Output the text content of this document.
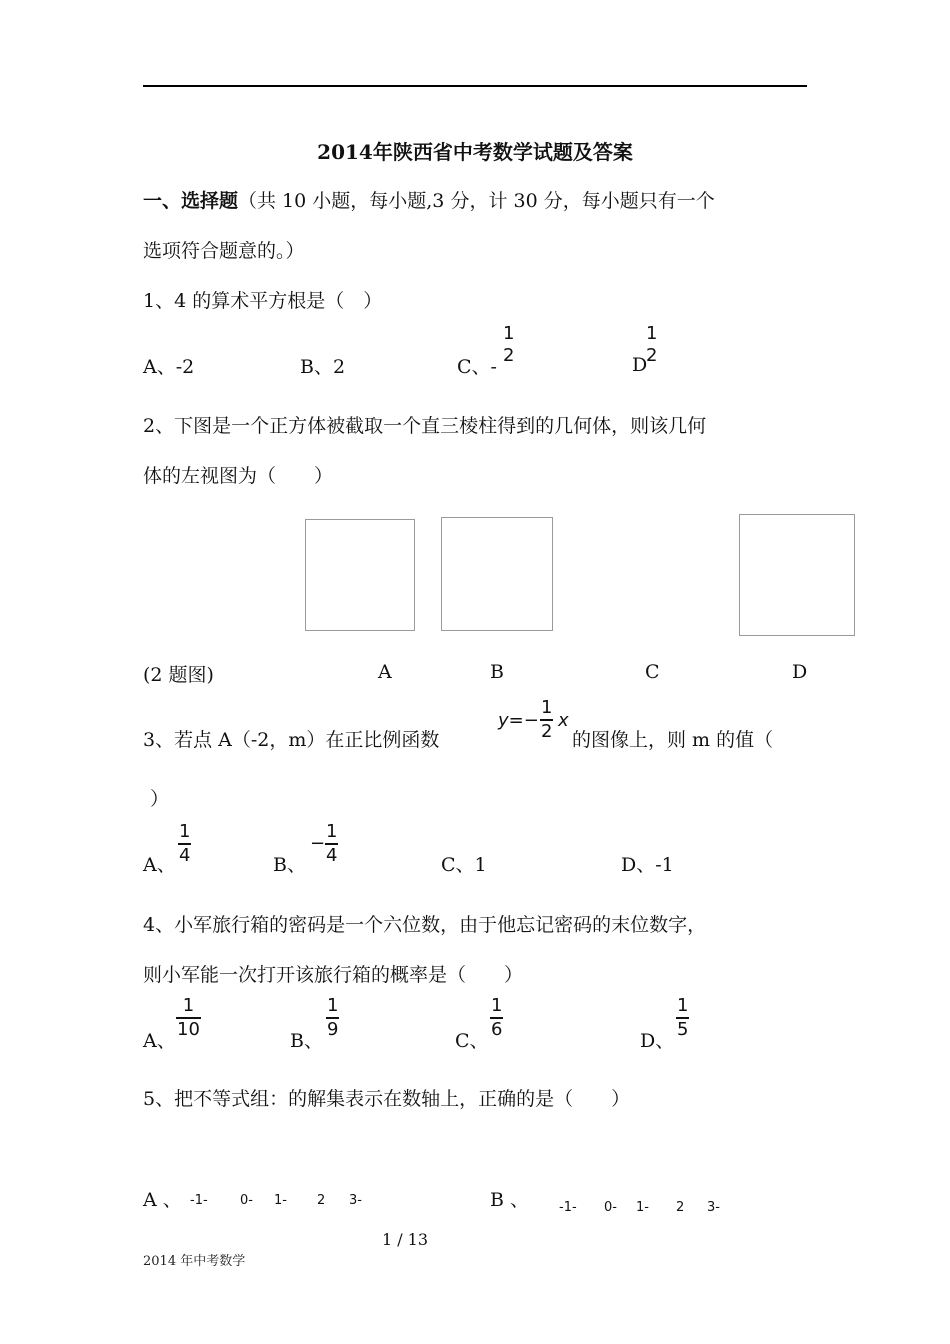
2014年陕西省中考数学试题及答案
一、选择题（共 10 小题，每小题,3 分，计 30 分，每小题只有一个
选项符合题意的。）
1、4 的算术平方根是（　）
A、-2	B、2	C、-
1
2	D
1
2
2、下图是一个正方体被截取一个直三棱柱得到的几何体，则该几何
体的左视图为（　　）
(2 题图)	A	B	C	D
3、若点 A（-2，m）在正比例函数
y=−
1
2 x
的图像上，则 m 的值（
）
A、
1
4	B、
−
1
4	C、1	D、-1
4、小军旅行箱的密码是一个六位数，由于他忘记密码的末位数字，
则小军能一次打开该旅行箱的概率是（　　）
A、
1
10
B、
1
9
C、
1
6
D、
1
5
5、把不等式组：的解集表示在数轴上，正确的是（　　）
A 、 -1- 0- 1- 2 3-	B 、 -1- 0- 1- 2 3-
1 / 13
2014 年中考数学
